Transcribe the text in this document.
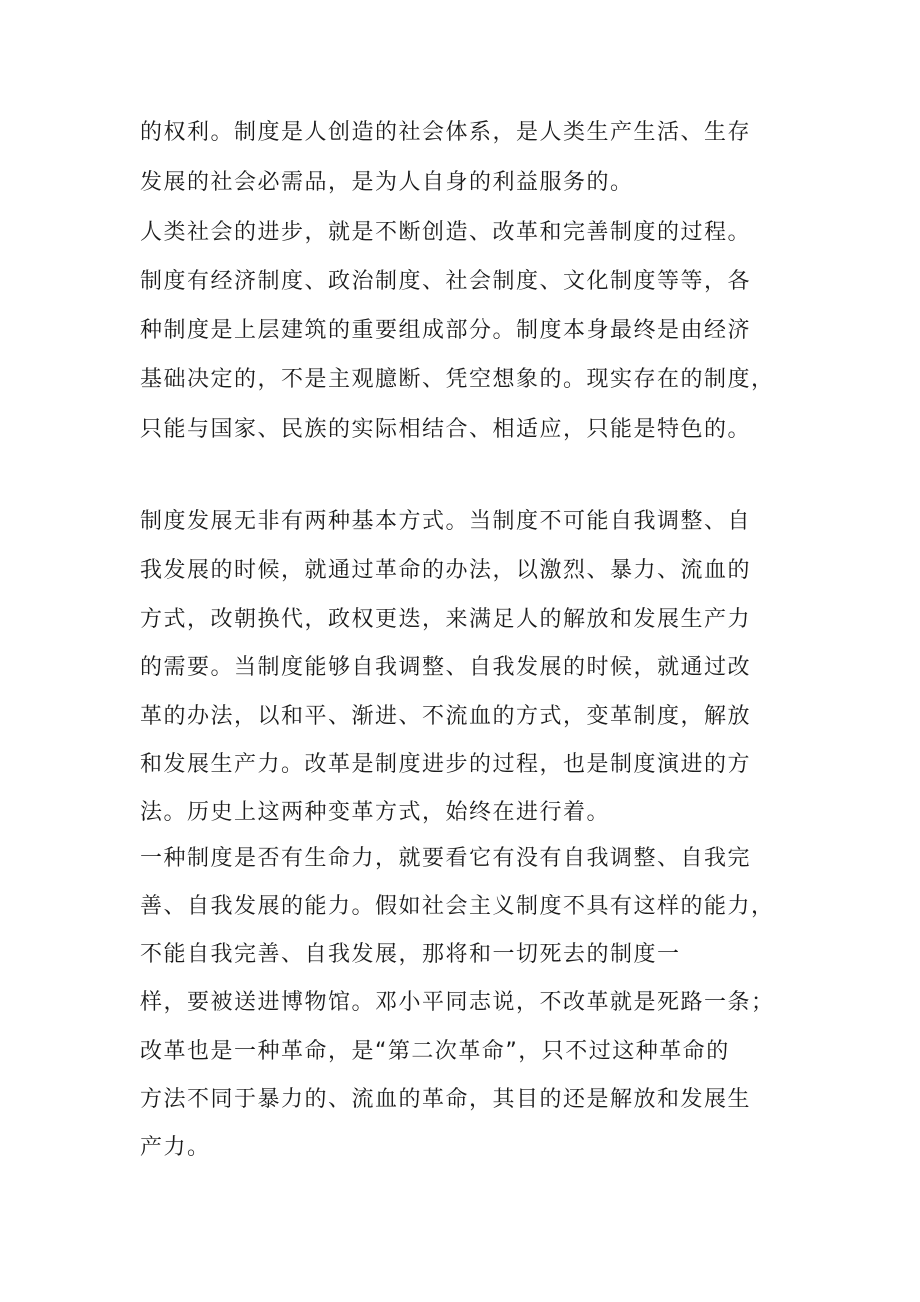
的权利。制度是人创造的社会体系，是人类生产生活、生存
发展的社会必需品，是为人自身的利益服务的。
人类社会的进步，就是不断创造、改革和完善制度的过程。
制度有经济制度、政治制度、社会制度、文化制度等等，各
种制度是上层建筑的重要组成部分。制度本身最终是由经济
基础决定的，不是主观臆断、凭空想象的。现实存在的制度，
只能与国家、民族的实际相结合、相适应，只能是特色的。
制度发展无非有两种基本方式。当制度不可能自我调整、自
我发展的时候，就通过革命的办法，以激烈、暴力、流血的
方式，改朝换代，政权更迭，来满足人的解放和发展生产力
的需要。当制度能够自我调整、自我发展的时候，就通过改
革的办法，以和平、渐进、不流血的方式，变革制度，解放
和发展生产力。改革是制度进步的过程，也是制度演进的方
法。历史上这两种变革方式，始终在进行着。
一种制度是否有生命力，就要看它有没有自我调整、自我完
善、自我发展的能力。假如社会主义制度不具有这样的能力，
不能自我完善、自我发展，那将和一切死去的制度一
样，要被送进博物馆。邓小平同志说，不改革就是死路一条；
改革也是一种革命，是“第二次革命”，只不过这种革命的
方法不同于暴力的、流血的革命，其目的还是解放和发展生
产力。
